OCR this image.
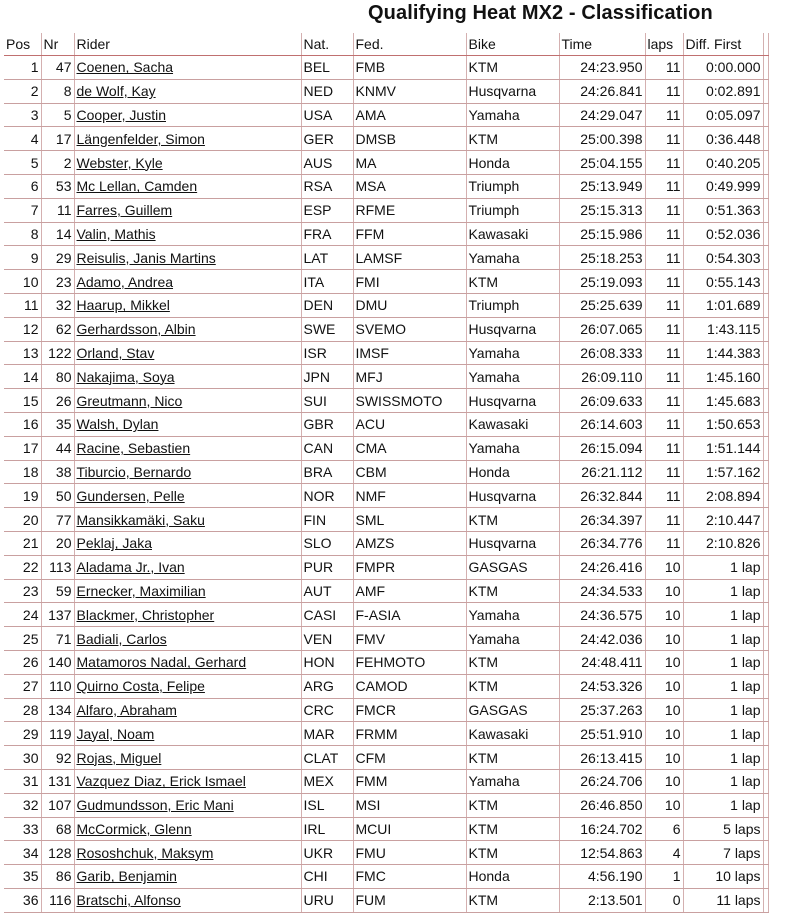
Qualifying Heat MX2 - Classification
Pos	Nr	Rider	Nat.	Fed.	Bike	Time	laps	Diff. First	
1	47	Coenen, Sacha	BEL	FMB	KTM	24:23.950	11	0:00.000	
2	8	de Wolf, Kay	NED	KNMV	Husqvarna	24:26.841	11	0:02.891	
3	5	Cooper, Justin	USA	AMA	Yamaha	24:29.047	11	0:05.097	
4	17	Längenfelder, Simon	GER	DMSB	KTM	25:00.398	11	0:36.448	
5	2	Webster, Kyle	AUS	MA	Honda	25:04.155	11	0:40.205	
6	53	Mc Lellan, Camden	RSA	MSA	Triumph	25:13.949	11	0:49.999	
7	11	Farres, Guillem	ESP	RFME	Triumph	25:15.313	11	0:51.363	
8	14	Valin, Mathis	FRA	FFM	Kawasaki	25:15.986	11	0:52.036	
9	29	Reisulis, Janis Martins	LAT	LAMSF	Yamaha	25:18.253	11	0:54.303	
10	23	Adamo, Andrea	ITA	FMI	KTM	25:19.093	11	0:55.143	
11	32	Haarup, Mikkel	DEN	DMU	Triumph	25:25.639	11	1:01.689	
12	62	Gerhardsson, Albin	SWE	SVEMO	Husqvarna	26:07.065	11	1:43.115	
13	122	Orland, Stav	ISR	IMSF	Yamaha	26:08.333	11	1:44.383	
14	80	Nakajima, Soya	JPN	MFJ	Yamaha	26:09.110	11	1:45.160	
15	26	Greutmann, Nico	SUI	SWISSMOTO	Husqvarna	26:09.633	11	1:45.683	
16	35	Walsh, Dylan	GBR	ACU	Kawasaki	26:14.603	11	1:50.653	
17	44	Racine, Sebastien	CAN	CMA	Yamaha	26:15.094	11	1:51.144	
18	38	Tiburcio, Bernardo	BRA	CBM	Honda	26:21.112	11	1:57.162	
19	50	Gundersen, Pelle	NOR	NMF	Husqvarna	26:32.844	11	2:08.894	
20	77	Mansikkamäki, Saku	FIN	SML	KTM	26:34.397	11	2:10.447	
21	20	Peklaj, Jaka	SLO	AMZS	Husqvarna	26:34.776	11	2:10.826	
22	113	Aladama Jr., Ivan	PUR	FMPR	GASGAS	24:26.416	10	1 lap	
23	59	Ernecker, Maximilian	AUT	AMF	KTM	24:34.533	10	1 lap	
24	137	Blackmer, Christopher	CASI	F-ASIA	Yamaha	24:36.575	10	1 lap	
25	71	Badiali, Carlos	VEN	FMV	Yamaha	24:42.036	10	1 lap	
26	140	Matamoros Nadal, Gerhard	HON	FEHMOTO	KTM	24:48.411	10	1 lap	
27	110	Quirno Costa, Felipe	ARG	CAMOD	KTM	24:53.326	10	1 lap	
28	134	Alfaro, Abraham	CRC	FMCR	GASGAS	25:37.263	10	1 lap	
29	119	Jayal, Noam	MAR	FRMM	Kawasaki	25:51.910	10	1 lap	
30	92	Rojas, Miguel	CLAT	CFM	KTM	26:13.415	10	1 lap	
31	131	Vazquez Diaz, Erick Ismael	MEX	FMM	Yamaha	26:24.706	10	1 lap	
32	107	Gudmundsson, Eric Mani	ISL	MSI	KTM	26:46.850	10	1 lap	
33	68	McCormick, Glenn	IRL	MCUI	KTM	16:24.702	6	5 laps	
34	128	Rososhchuk, Maksym	UKR	FMU	KTM	12:54.863	4	7 laps	
35	86	Garib, Benjamin	CHI	FMC	Honda	4:56.190	1	10 laps	
36	116	Bratschi, Alfonso	URU	FUM	KTM	2:13.501	0	11 laps	
